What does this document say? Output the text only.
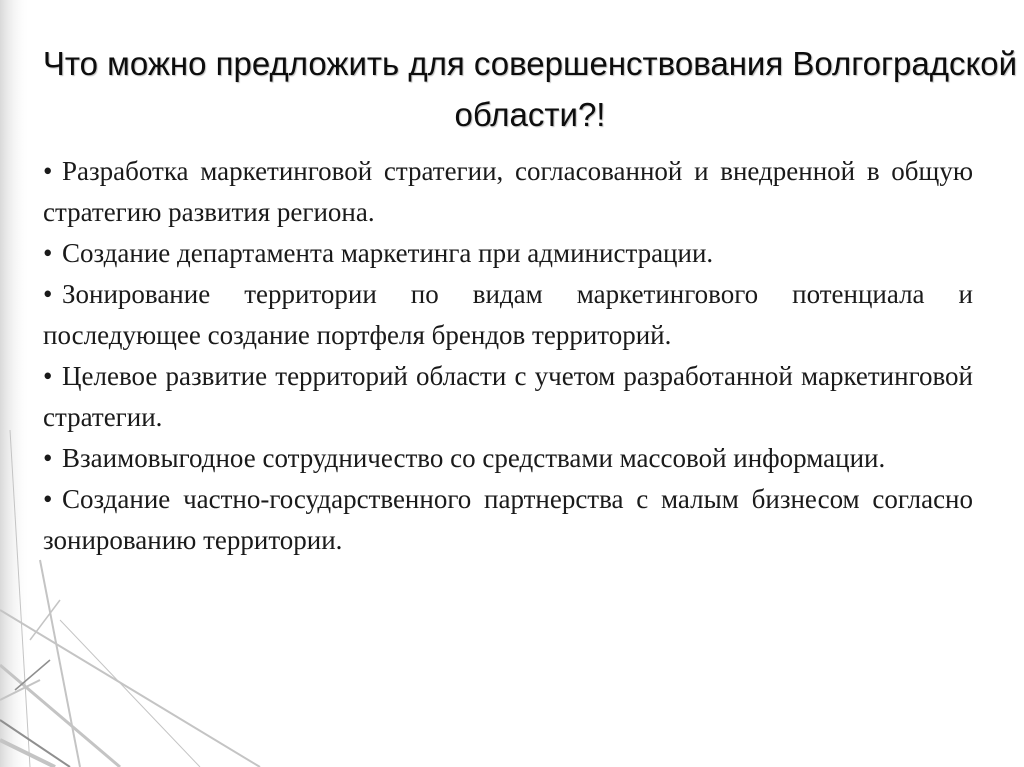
Что можно предложить для совершенствования Волгоградской области?!
• Разработка маркетинговой стратегии, согласованной и внедренной в общую стратегию развития региона.
• Создание департамента маркетинга при администрации.
• Зонирование территории по видам маркетингового потенциала и последующее создание портфеля брендов территорий.
• Целевое развитие территорий области с учетом разработанной маркетинговой стратегии.
• Взаимовыгодное сотрудничество со средствами массовой информации.
• Создание частно-государственного партнерства с малым бизнесом согласно зонированию территории.
